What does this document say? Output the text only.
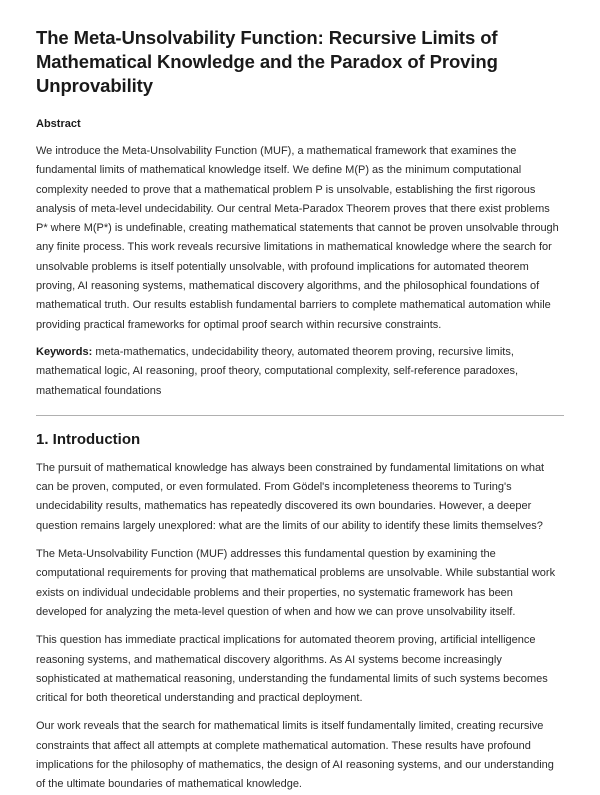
The Meta-Unsolvability Function: Recursive Limits of Mathematical Knowledge and the Paradox of Proving Unprovability
Abstract

We introduce the Meta-Unsolvability Function (MUF), a mathematical framework that examines the fundamental limits of mathematical knowledge itself. We define M(P) as the minimum computational complexity needed to prove that a mathematical problem P is unsolvable, establishing the first rigorous analysis of meta-level undecidability. Our central Meta-Paradox Theorem proves that there exist problems P* where M(P*) is undefinable, creating mathematical statements that cannot be proven unsolvable through any finite process. This work reveals recursive limitations in mathematical knowledge where the search for unsolvable problems is itself potentially unsolvable, with profound implications for automated theorem proving, AI reasoning systems, mathematical discovery algorithms, and the philosophical foundations of mathematical truth. Our results establish fundamental barriers to complete mathematical automation while providing practical frameworks for optimal proof search within recursive constraints.

Keywords: meta-mathematics, undecidability theory, automated theorem proving, recursive limits, mathematical logic, AI reasoning, proof theory, computational complexity, self-reference paradoxes, mathematical foundations

1. Introduction

The pursuit of mathematical knowledge has always been constrained by fundamental limitations on what can be proven, computed, or even formulated. From Gödel's incompleteness theorems to Turing's undecidability results, mathematics has repeatedly discovered its own boundaries. However, a deeper question remains largely unexplored: what are the limits of our ability to identify these limits themselves?

The Meta-Unsolvability Function (MUF) addresses this fundamental question by examining the computational requirements for proving that mathematical problems are unsolvable. While substantial work exists on individual undecidable problems and their properties, no systematic framework has been developed for analyzing the meta-level question of when and how we can prove unsolvability itself.

This question has immediate practical implications for automated theorem proving, artificial intelligence reasoning systems, and mathematical discovery algorithms. As AI systems become increasingly sophisticated at mathematical reasoning, understanding the fundamental limits of such systems becomes critical for both theoretical understanding and practical deployment.

Our work reveals that the search for mathematical limits is itself fundamentally limited, creating recursive constraints that affect all attempts at complete mathematical automation. These results have profound implications for the philosophy of mathematics, the design of AI reasoning systems, and our understanding of the ultimate boundaries of mathematical knowledge.
